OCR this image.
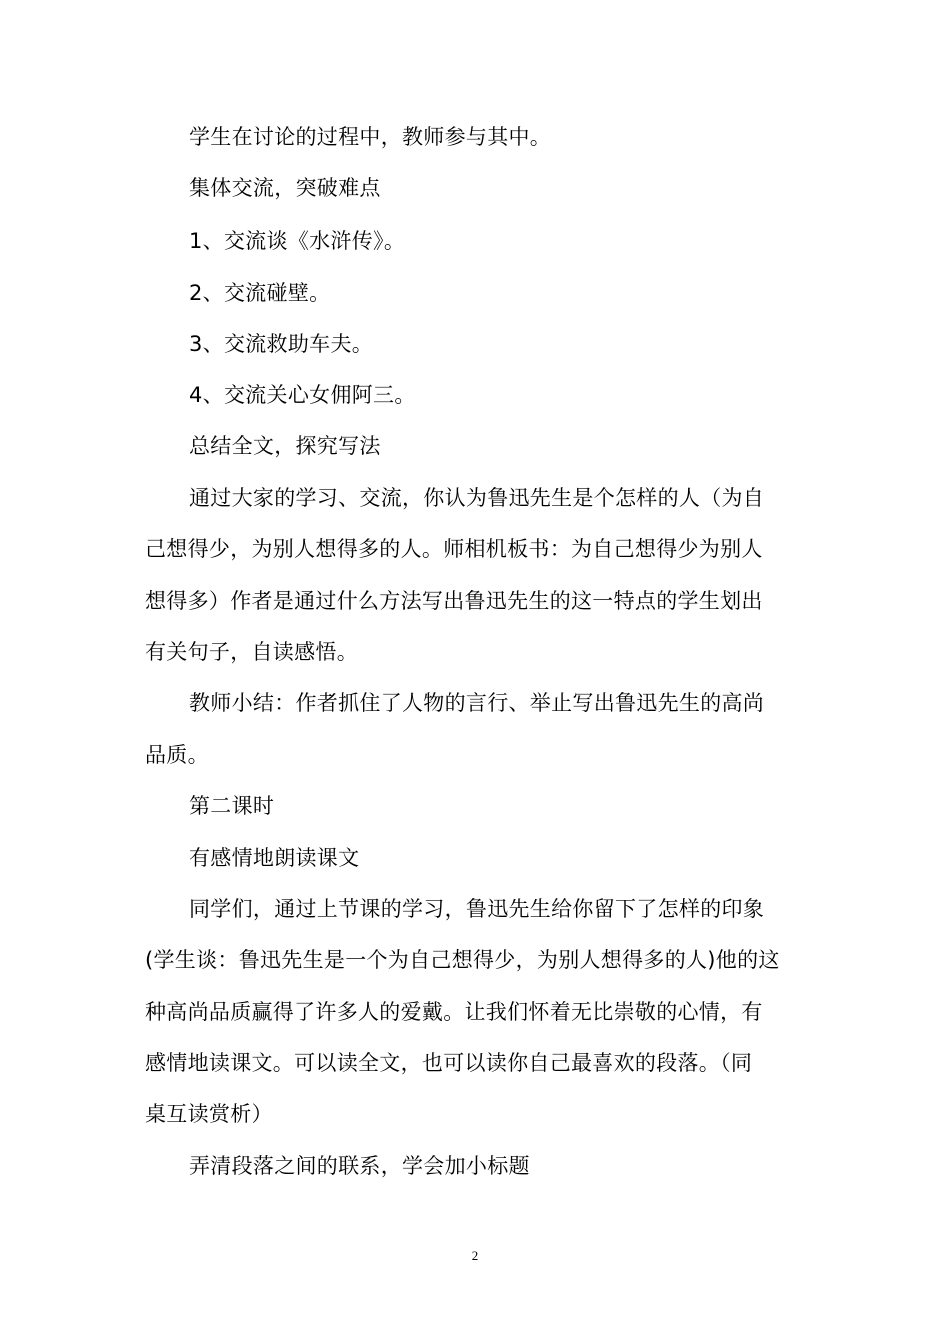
学生在讨论的过程中，教师参与其中。
集体交流，突破难点
1、交流谈《水浒传》。
2、交流碰壁。
3、交流救助车夫。
4、交流关心女佣阿三。
总结全文，探究写法
通过大家的学习、交流，你认为鲁迅先生是个怎样的人（为自
己想得少，为别人想得多的人。师相机板书：为自己想得少为别人
想得多）作者是通过什么方法写出鲁迅先生的这一特点的学生划出
有关句子，自读感悟。
教师小结：作者抓住了人物的言行、举止写出鲁迅先生的高尚
品质。
第二课时
有感情地朗读课文
同学们，通过上节课的学习，鲁迅先生给你留下了怎样的印象
(学生谈：鲁迅先生是一个为自己想得少，为别人想得多的人)他的这
种高尚品质赢得了许多人的爱戴。让我们怀着无比崇敬的心情，有
感情地读课文。可以读全文，也可以读你自己最喜欢的段落。（同
桌互读赏析）
弄清段落之间的联系，学会加小标题
2
